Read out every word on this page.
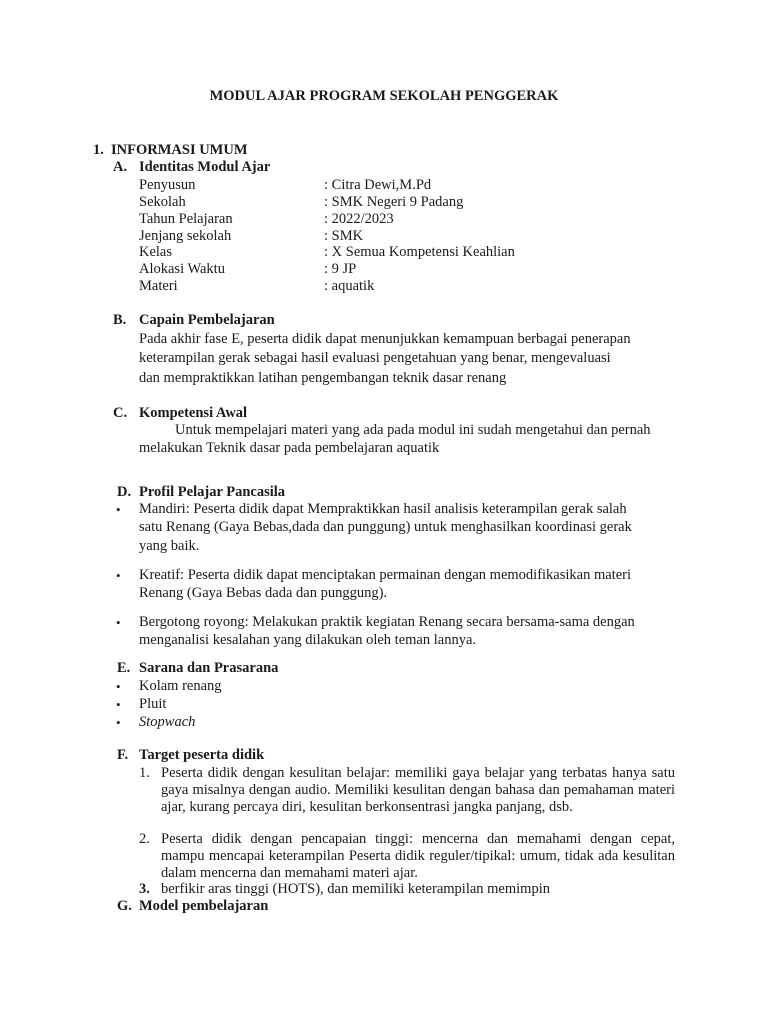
MODUL AJAR PROGRAM SEKOLAH PENGGERAK
1. INFORMASI UMUM
A. Identitas Modul Ajar
Penyusun	: Citra Dewi,M.Pd
Sekolah	: SMK Negeri 9 Padang
Tahun Pelajaran	: 2022/2023
Jenjang sekolah	: SMK
Kelas	: X Semua Kompetensi Keahlian
Alokasi Waktu	: 9 JP
Materi	: aquatik
B. Capain Pembelajaran
Pada akhir fase E, peserta didik dapat menunjukkan kemampuan berbagai penerapan
keterampilan gerak sebagai hasil evaluasi pengetahuan yang benar, mengevaluasi
dan mempraktikkan latihan pengembangan teknik dasar renang
C. Kompetensi Awal
Untuk mempelajari materi yang ada pada modul ini sudah mengetahui dan pernah
melakukan Teknik dasar pada pembelajaran aquatik
D. Profil Pelajar Pancasila
• Mandiri: Peserta didik dapat Mempraktikkan hasil analisis keterampilan gerak salah
satu Renang (Gaya Bebas,dada dan punggung) untuk menghasilkan koordinasi gerak
yang baik.
• Kreatif: Peserta didik dapat menciptakan permainan dengan memodifikasikan materi
Renang (Gaya Bebas dada dan punggung).
• Bergotong royong: Melakukan praktik kegiatan Renang secara bersama-sama dengan
menganalisi kesalahan yang dilakukan oleh teman lannya.
E. Sarana dan Prasarana
• Kolam renang
• Pluit
• Stopwach
F. Target peserta didik
1. Peserta didik dengan kesulitan belajar: memiliki gaya belajar yang terbatas hanya satu gaya misalnya dengan audio. Memiliki kesulitan dengan bahasa dan pemahaman materi ajar, kurang percaya diri, kesulitan berkonsentrasi jangka panjang, dsb.
2. Peserta didik dengan pencapaian tinggi: mencerna dan memahami dengan cepat, mampu mencapai keterampilan Peserta didik reguler/tipikal: umum, tidak ada kesulitan dalam mencerna dan memahami materi ajar.
3. berfikir aras tinggi (HOTS), dan memiliki keterampilan memimpin
G. Model pembelajaran
